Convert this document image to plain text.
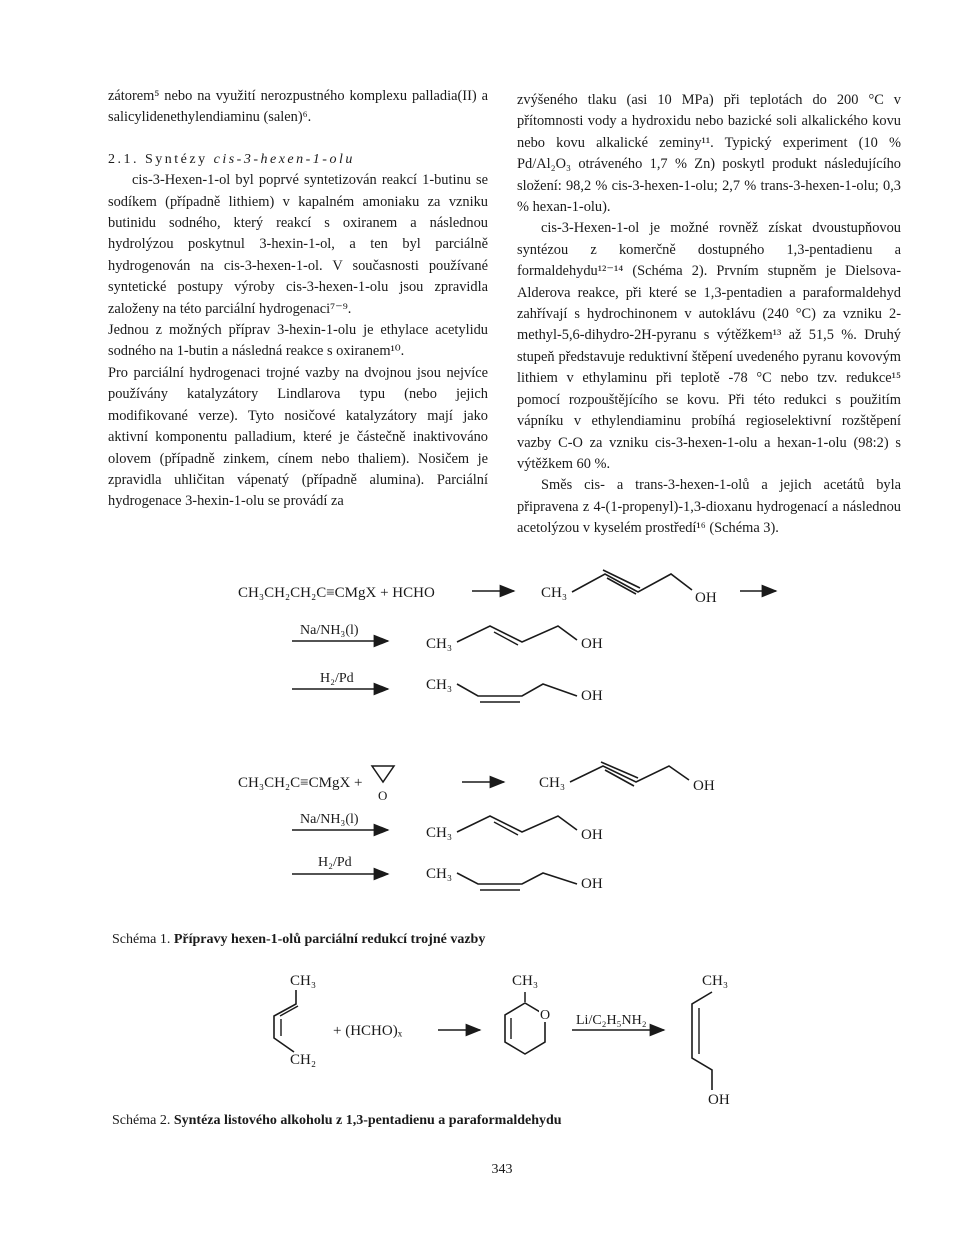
zátorem⁵ nebo na využití nerozpustného komplexu palladia(II) a salicylidenethylendiaminu (salen)⁶.

2.1. Syntézy cis-3-hexen-1-olu

cis-3-Hexen-1-ol byl poprvé syntetizován reakcí 1-butinu se sodíkem (případně lithiem) v kapalném amoniaku za vzniku butinidu sodného, který reakcí s oxiranem a následnou hydrolýzou poskytnul 3-hexin-1-ol, a ten byl parciálně hydrogenován na cis-3-hexen-1-ol. V současnosti používané syntetické postupy výroby cis-3-hexen-1-olu jsou zpravidla založeny na této parciální hydrogenaci⁷⁻⁹.

Jednou z možných příprav 3-hexin-1-olu je ethylace acetylidu sodného na 1-butin a následná reakce s oxiranem¹⁰.

Pro parciální hydrogenaci trojné vazby na dvojnou jsou nejvíce používány katalyzátory Lindlarova typu (nebo jejich modifikované verze). Tyto nosičové katalyzátory mají jako aktivní komponentu palladium, které je částečně inaktivováno olovem (případně zinkem, cínem nebo thaliem). Nosičem je zpravidla uhličitan vápenatý (případně alumina). Parciální hydrogenace 3-hexin-1-olu se provádí za

zvýšeného tlaku (asi 10 MPa) při teplotách do 200 °C v přítomnosti vody a hydroxidu nebo bazické soli alkalického kovu nebo kovu alkalické zeminy¹¹. Typický experiment (10 % Pd/Al₂O₃ otráveného 1,7 % Zn) poskytl produkt následujícího složení: 98,2 % cis-3-hexen-1-olu; 2,7 % trans-3-hexen-1-olu; 0,3 % hexan-1-olu).

cis-3-Hexen-1-ol je možné rovněž získat dvoustupňovou syntézou z komerčně dostupného 1,3-pentadienu a formaldehydu¹²⁻¹⁴ (Schéma 2). Prvním stupněm je Dielsova-Alderova reakce, při které se 1,3-pentadien a paraformaldehyd zahřívají s hydrochinonem v autoklávu (240 °C) za vzniku 2-methyl-5,6-dihydro-2H-pyranu s výtěžkem¹³ až 51,5 %. Druhý stupeň představuje reduktivní štěpení uvedeného pyranu kovovým lithiem v ethylaminu při teplotě -78 °C nebo tzv. redukce¹⁵ pomocí rozpouštějícího se kovu. Při této redukci s použitím vápníku v ethylendiaminu probíhá regioselektivní rozštěpení vazby C-O za vzniku cis-3-hexen-1-olu a hexan-1-olu (98:2) s výtěžkem 60 %.

Směs cis- a trans-3-hexen-1-olů a jejich acetátů byla připravena z 4-(1-propenyl)-1,3-dioxanu hydrogenací a následnou acetolýzou v kyselém prostředí¹⁶ (Schéma 3).

CH₃CH₂CH₂C≡CMgX + HCHO	CH₃	OH
Na/NH₃(l)
CH₃	OH
H₂/Pd	CH₃
OH
CH₃CH₂C≡CMgX +
O
CH₃	OH
Na/NH₃(l)
CH₃	OH
H₂/Pd
CH₃
OH
CH₃
CH₂
+ (HCHO)ₓ
CH₃
O Li/C₂H₅NH₂
CH₃
OH
Schéma 1. Přípravy hexen-1-olů parciální redukcí trojné vazby
Schéma 2. Syntéza listového alkoholu z 1,3-pentadienu a paraformaldehydu
343
